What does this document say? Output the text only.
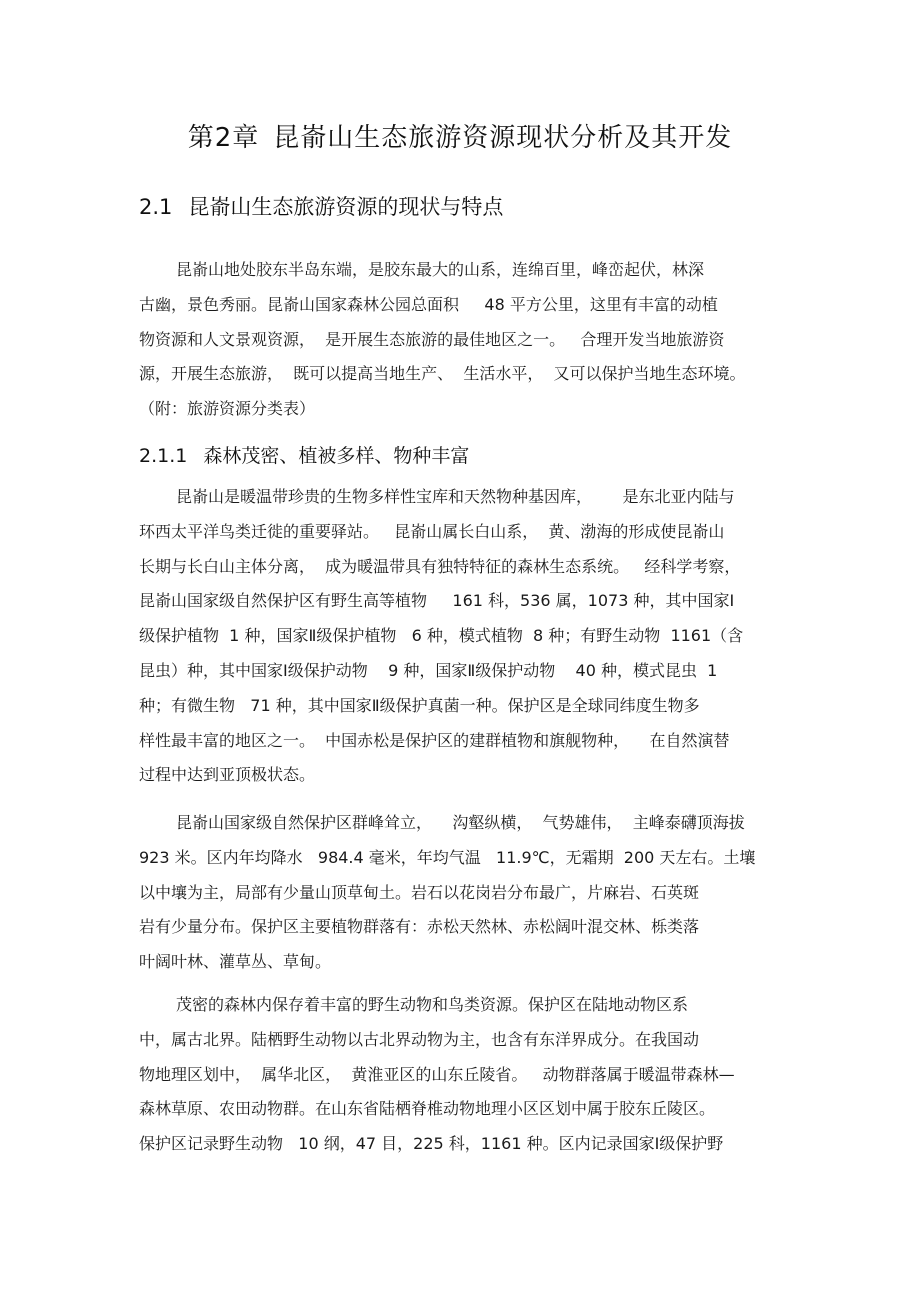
第2章 昆嵛山生态旅游资源现状分析及其开发
2.1 昆嵛山生态旅游资源的现状与特点
昆嵛山地处胶东半岛东端，是胶东最大的山系，连绵百里，峰峦起伏，林深
古幽，景色秀丽。昆嵛山国家森林公园总面积     48 平方公里，这里有丰富的动植
物资源和人文景观资源，  是开展生态旅游的最佳地区之一。   合理开发当地旅游资
源，开展生态旅游，  既可以提高当地生产、  生活水平，  又可以保护当地生态环境。
（附：旅游资源分类表）
2.1.1 森林茂密、植被多样、物种丰富
昆嵛山是暖温带珍贵的生物多样性宝库和天然物种基因库，      是东北亚内陆与
环西太平洋鸟类迁徙的重要驿站。   昆嵛山属长白山系，  黄、渤海的形成使昆嵛山
长期与长白山主体分离，  成为暖温带具有独特特征的森林生态系统。   经科学考察，
昆嵛山国家级自然保护区有野生高等植物     161 科，536 属，1073 种，其中国家Ⅰ
级保护植物  1 种，国家Ⅱ级保护植物   6 种，模式植物  8 种；有野生动物  1161（含
昆虫）种，其中国家Ⅰ级保护动物    9 种，国家Ⅱ级保护动物    40 种，模式昆虫  1
种；有微生物   71 种，其中国家Ⅱ级保护真菌一种。保护区是全球同纬度生物多
样性最丰富的地区之一。  中国赤松是保护区的建群植物和旗舰物种，    在自然演替
过程中达到亚顶极状态。
昆嵛山国家级自然保护区群峰耸立，    沟壑纵横，  气势雄伟，  主峰泰礴顶海拔
923 米。区内年均降水   984.4 毫米，年均气温   11.9℃，无霜期  200 天左右。土壤
以中壤为主，局部有少量山顶草甸土。岩石以花岗岩分布最广，片麻岩、石英斑
岩有少量分布。保护区主要植物群落有：赤松天然林、赤松阔叶混交林、栎类落
叶阔叶林、灌草丛、草甸。
茂密的森林内保存着丰富的野生动物和鸟类资源。保护区在陆地动物区系
中，属古北界。陆栖野生动物以古北界动物为主，也含有东洋界成分。在我国动
物地理区划中，  属华北区，  黄淮亚区的山东丘陵省。   动物群落属于暖温带森林—
森林草原、农田动物群。在山东省陆栖脊椎动物地理小区区划中属于胶东丘陵区。
保护区记录野生动物   10 纲，47 目，225 科，1161 种。区内记录国家Ⅰ级保护野
